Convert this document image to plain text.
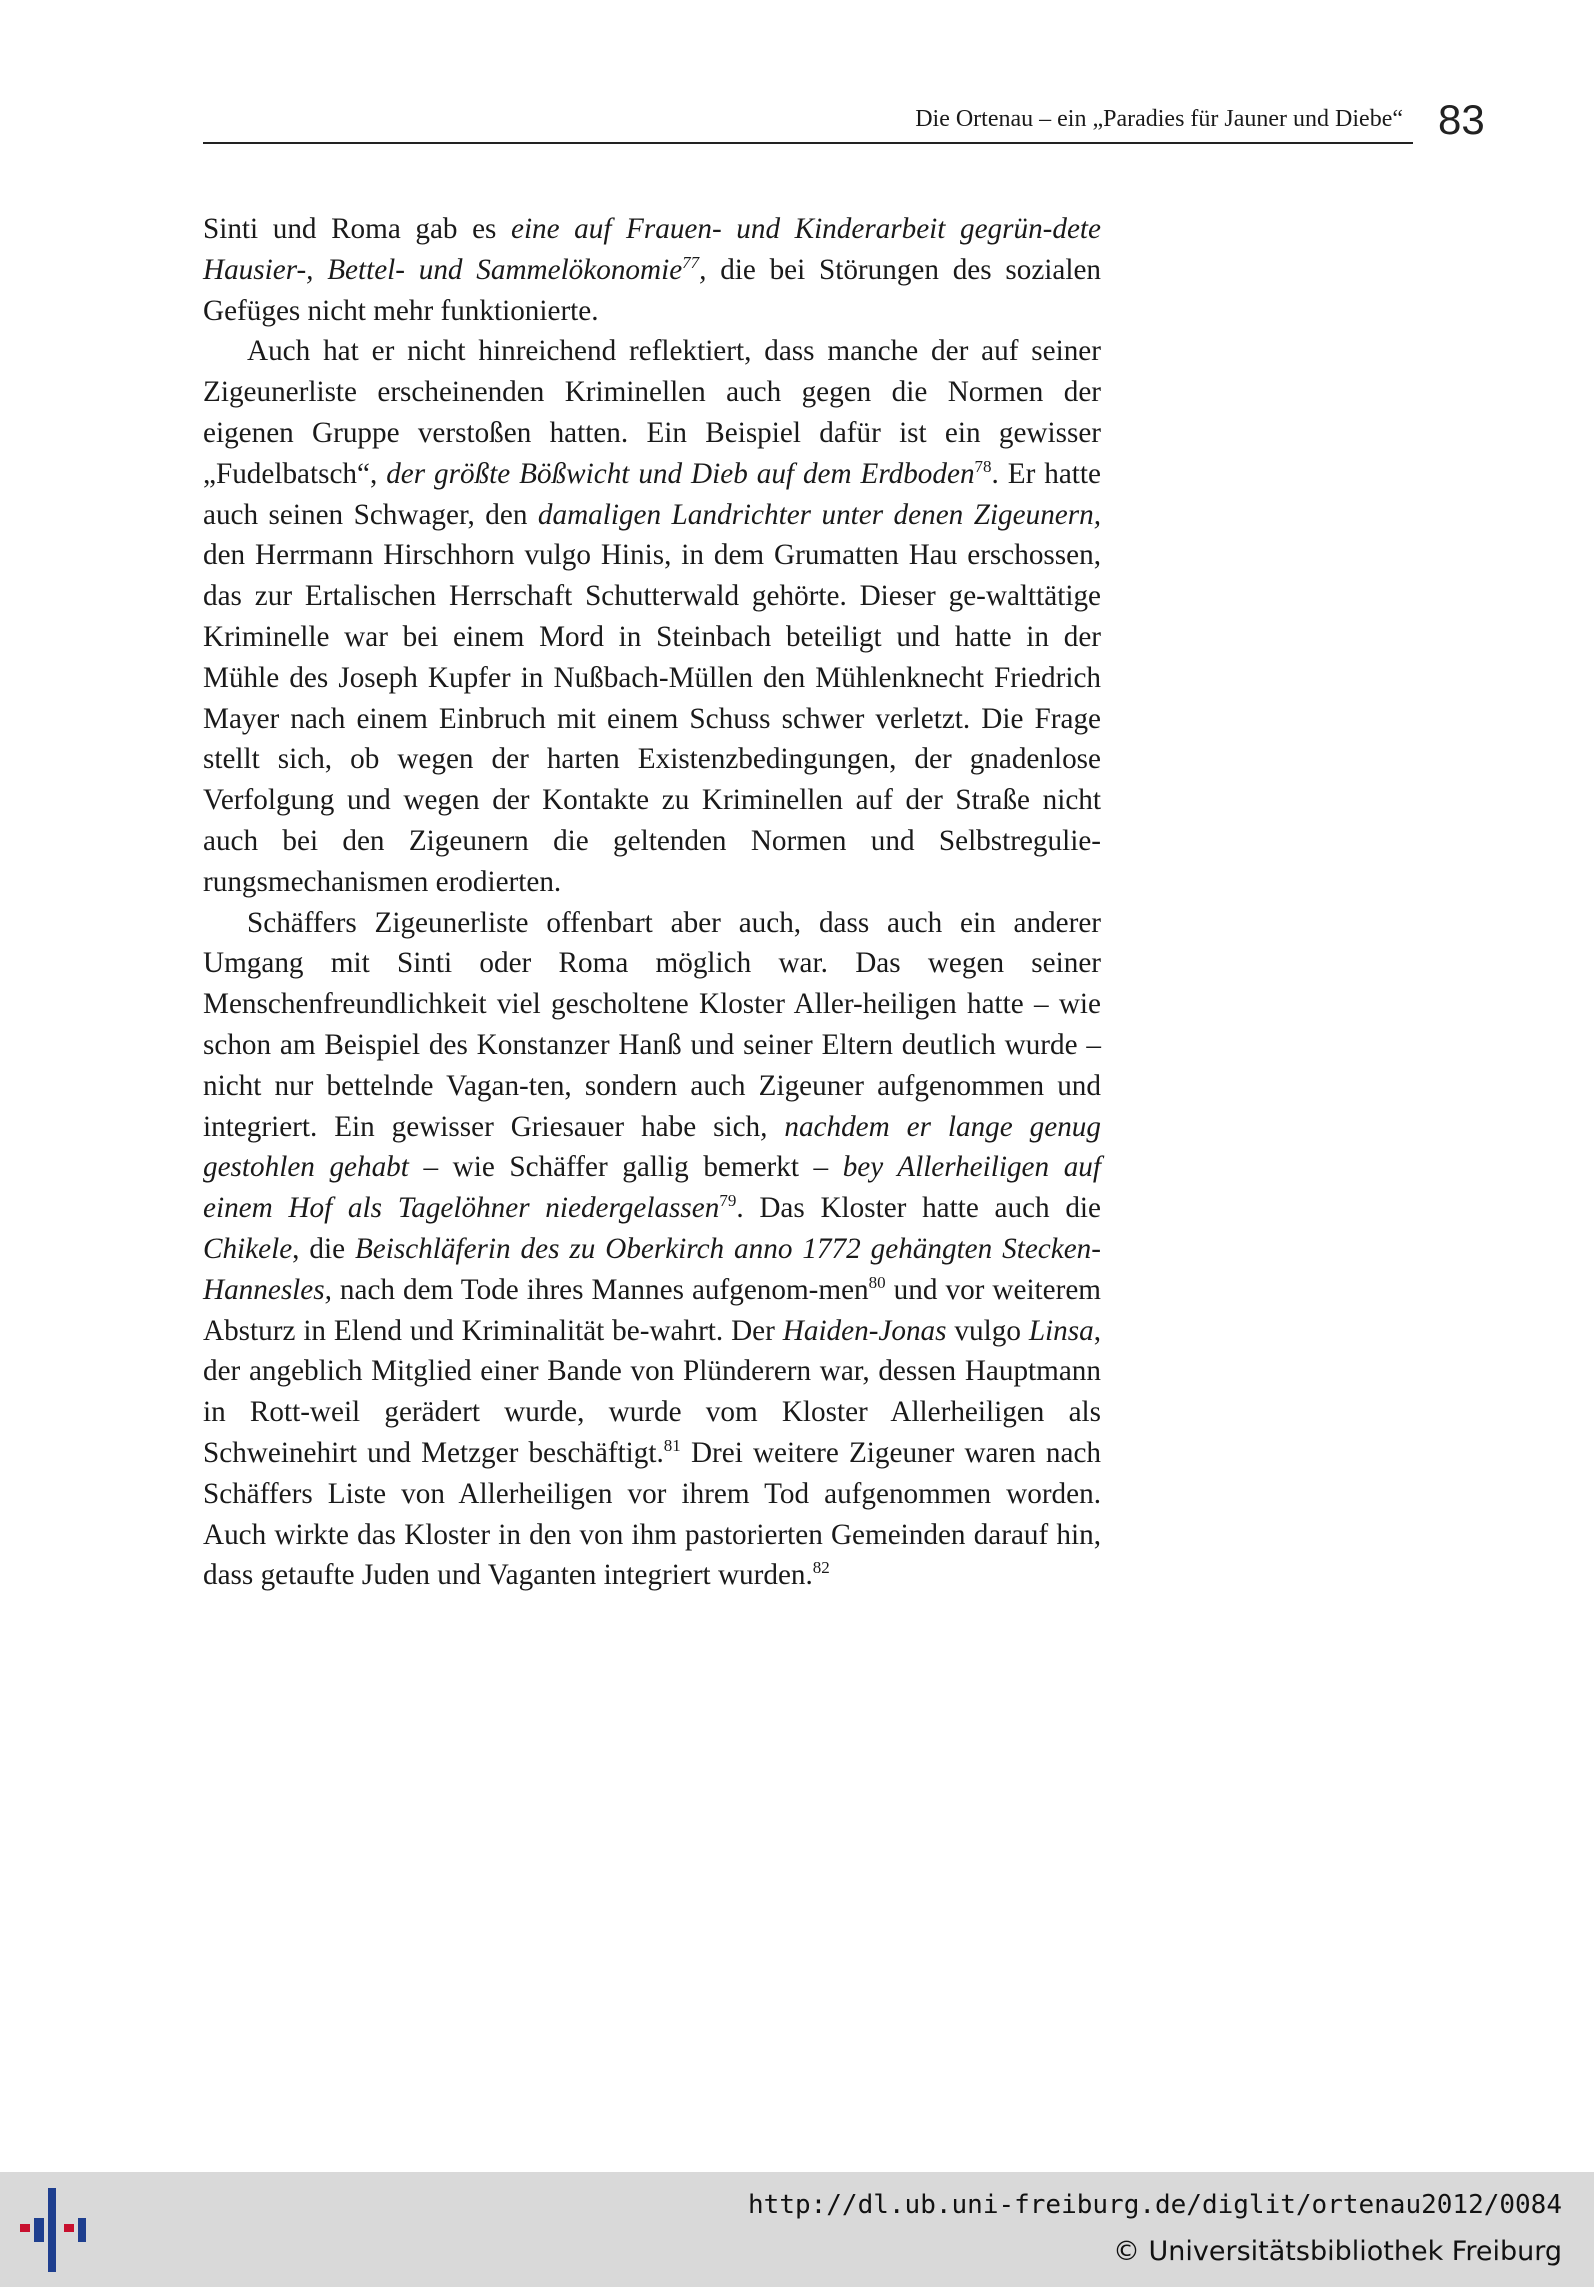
Die Ortenau – ein „Paradies für Jauner und Diebe“ 83

Sinti und Roma gab es eine auf Frauen- und Kinderarbeit gegrün-dete Hausier-, Bettel- und Sammelökonomie$^{77}$, die bei Störungen des sozialen Gefüges nicht mehr funktionierte.

Auch hat er nicht hinreichend reflektiert, dass manche der auf seiner Zigeunerliste erscheinenden Kriminellen auch gegen die Normen der eigenen Gruppe verstoßen hatten. Ein Beispiel dafür ist ein gewisser „Fudelbatsch“, der größte Bößwicht und Dieb auf dem Erdboden$^{78}$. Er hatte auch seinen Schwager, den damaligen Landrichter unter denen Zigeunern, den Herrmann Hirschhorn vulgo Hinis, in dem Grumatten Hau erschossen, das zur Ertalischen Herrschaft Schutterwald gehörte. Dieser ge-walttätige Kriminelle war bei einem Mord in Steinbach beteiligt und hatte in der Mühle des Joseph Kupfer in Nußbach-Müllen den Mühlenknecht Friedrich Mayer nach einem Einbruch mit einem Schuss schwer verletzt. Die Frage stellt sich, ob wegen der harten Existenzbedingungen, der gnadenlose Verfolgung und wegen der Kontakte zu Kriminellen auf der Straße nicht auch bei den Zigeunern die geltenden Normen und Selbstregulie-rungsmechanismen erodierten.

Schäffers Zigeunerliste offenbart aber auch, dass auch ein anderer Umgang mit Sinti oder Roma möglich war. Das wegen seiner Menschenfreundlichkeit viel gescholtene Kloster Aller-heiligen hatte – wie schon am Beispiel des Konstanzer Hanß und seiner Eltern deutlich wurde – nicht nur bettelnde Vagan-ten, sondern auch Zigeuner aufgenommen und integriert. Ein gewisser Griesauer habe sich, nachdem er lange genug gestohlen gehabt – wie Schäffer gallig bemerkt – bey Allerheiligen auf einem Hof als Tagelöhner niedergelassen$^{79}$. Das Kloster hatte auch die Chikele, die Beischläferin des zu Oberkirch anno 1772 gehängten Stecken-Hannesles, nach dem Tode ihres Mannes aufgenom-men$^{80}$ und vor weiterem Absturz in Elend und Kriminalität be-wahrt. Der Haiden-Jonas vulgo Linsa, der angeblich Mitglied einer Bande von Plünderern war, dessen Hauptmann in Rott-weil gerädert wurde, wurde vom Kloster Allerheiligen als Schweinehirt und Metzger beschäftigt.$^{81}$ Drei weitere Zigeuner waren nach Schäffers Liste von Allerheiligen vor ihrem Tod aufgenommen worden. Auch wirkte das Kloster in den von ihm pastorierten Gemeinden darauf hin, dass getaufte Juden und Vaganten integriert wurden.$^{82}$

http://dl.ub.uni-freiburg.de/diglit/ortenau2012/0084
© Universitätsbibliothek Freiburg
